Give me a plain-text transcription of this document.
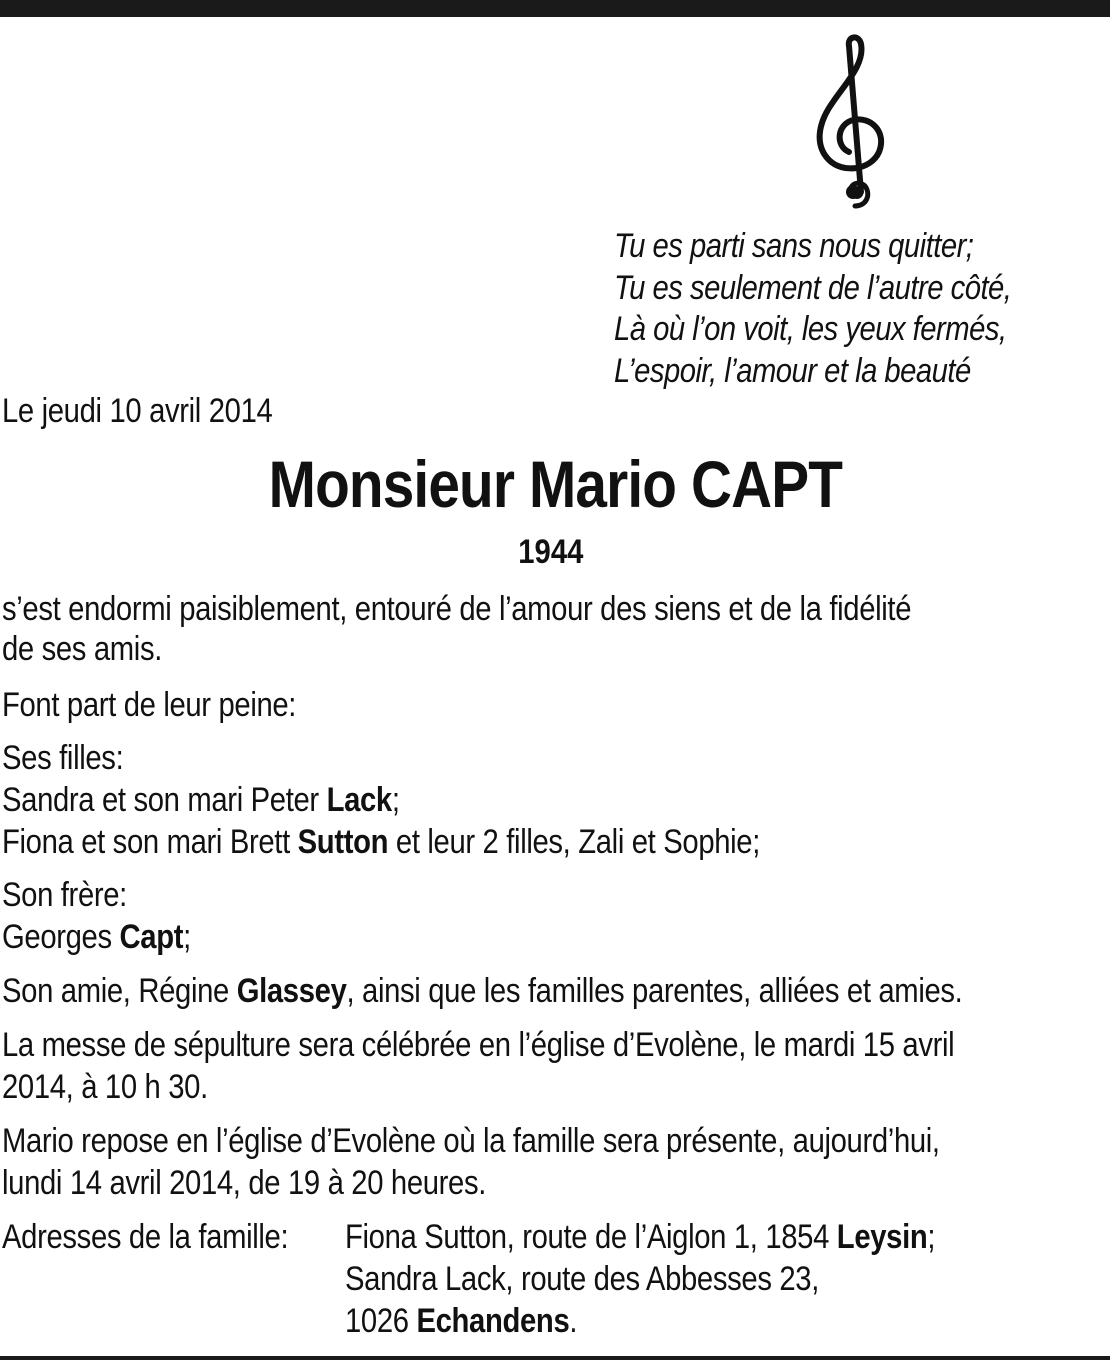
Tu es parti sans nous quitter;
Tu es seulement de l’autre côté,
Là où l’on voit, les yeux fermés,
L’espoir, l’amour et la beauté
Le jeudi 10 avril 2014
Monsieur Mario CAPT
1944
s’est endormi paisiblement, entouré de l’amour des siens et de la fidélité
de ses amis.
Font part de leur peine:
Ses filles:
Sandra et son mari Peter Lack;
Fiona et son mari Brett Sutton et leur 2 filles, Zali et Sophie;
Son frère:
Georges Capt;
Son amie, Régine Glassey, ainsi que les familles parentes, alliées et amies.
La messe de sépulture sera célébrée en l’église d’Evolène, le mardi 15 avril
2014, à 10 h 30.
Mario repose en l’église d’Evolène où la famille sera présente, aujourd’hui,
lundi 14 avril 2014, de 19 à 20 heures.
Adresses de la famille: Fiona Sutton, route de l’Aiglon 1, 1854 Leysin;
Sandra Lack, route des Abbesses 23,
1026 Echandens.
